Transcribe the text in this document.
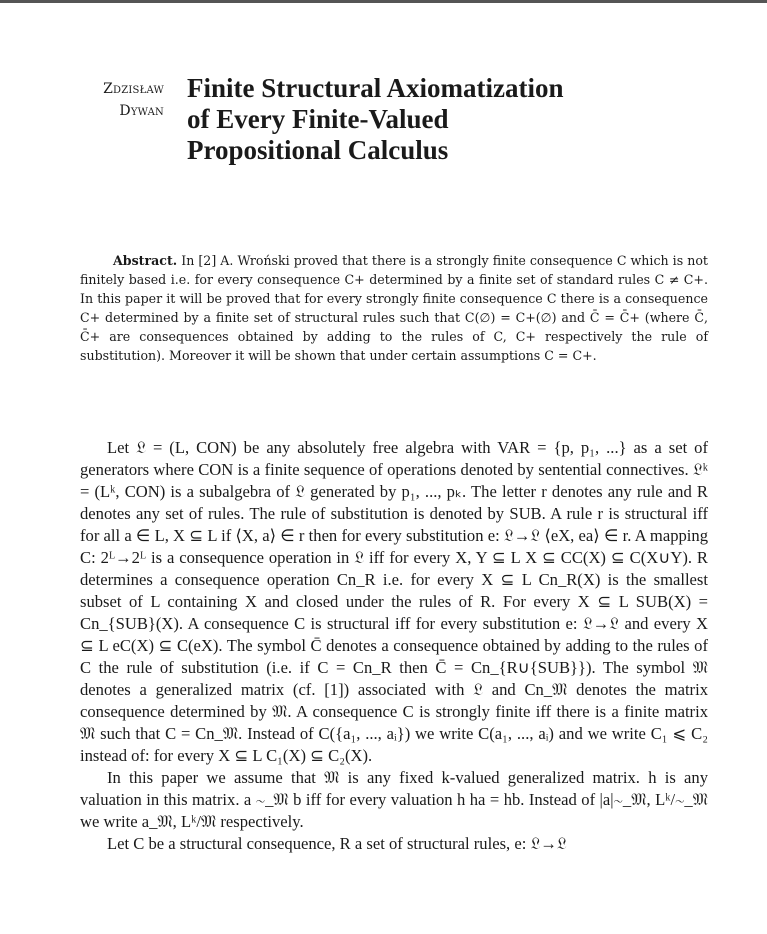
Zdzisław
Dywan
Finite Structural Axiomatization
of Every Finite-Valued
Propositional Calculus
Abstract. In [2] A. Wroński proved that there is a strongly finite consequence C which is not finitely based i.e. for every consequence C+ determined by a finite set of standard rules C ≠ C+. In this paper it will be proved that for every strongly finite consequence C there is a consequence C+ determined by a finite set of structural rules such that C(∅) = C+(∅) and C̄ = C̄+ (where C̄, C̄+ are consequences obtained by adding to the rules of C, C+ respectively the rule of substitution). Moreover it will be shown that under certain assumptions C = C+.

Let 𝔏 = (L, CON) be any absolutely free algebra with VAR = {p, p₁, ...} as a set of generators where CON is a finite sequence of operations denoted by sentential connectives. 𝔏ᵏ = (Lᵏ, CON) is a subalgebra of 𝔏 generated by p₁, ..., pₖ. The letter r denotes any rule and R denotes any set of rules. The rule of substitution is denoted by SUB. A rule r is structural iff for all a ∈ L, X ⊆ L if ⟨X, a⟩ ∈ r then for every substitution e: 𝔏→𝔏 ⟨eX, ea⟩ ∈ r. A mapping C: 2ᴸ→2ᴸ is a consequence operation in 𝔏 iff for every X, Y ⊆ L X ⊆ CC(X) ⊆ C(X∪Y). R determines a consequence operation Cn_R i.e. for every X ⊆ L Cn_R(X) is the smallest subset of L containing X and closed under the rules of R. For every X ⊆ L SUB(X) = Cn_{SUB}(X). A consequence C is structural iff for every substitution e: 𝔏→𝔏 and every X ⊆ L eC(X) ⊆ C(eX). The symbol C̄ denotes a consequence obtained by adding to the rules of C the rule of substitution (i.e. if C = Cn_R then C̄ = Cn_{R∪{SUB}}). The symbol 𝔐 denotes a generalized matrix (cf. [1]) associated with 𝔏 and Cn_𝔐 denotes the matrix consequence determined by 𝔐. A consequence C is strongly finite iff there is a finite matrix 𝔐 such that C = Cn_𝔐. Instead of C({a₁, ..., aᵢ}) we write C(a₁, ..., aᵢ) and we write C₁ ⩽ C₂ instead of: for every X ⊆ L C₁(X) ⊆ C₂(X).

In this paper we assume that 𝔐 is any fixed k-valued generalized matrix. h is any valuation in this matrix. a ∼_𝔐 b iff for every valuation h ha = hb. Instead of |a|∼_𝔐, Lᵏ/∼_𝔐 we write a_𝔐, Lᵏ/𝔐 respectively.

Let C be a structural consequence, R a set of structural rules, e: 𝔏→𝔏
